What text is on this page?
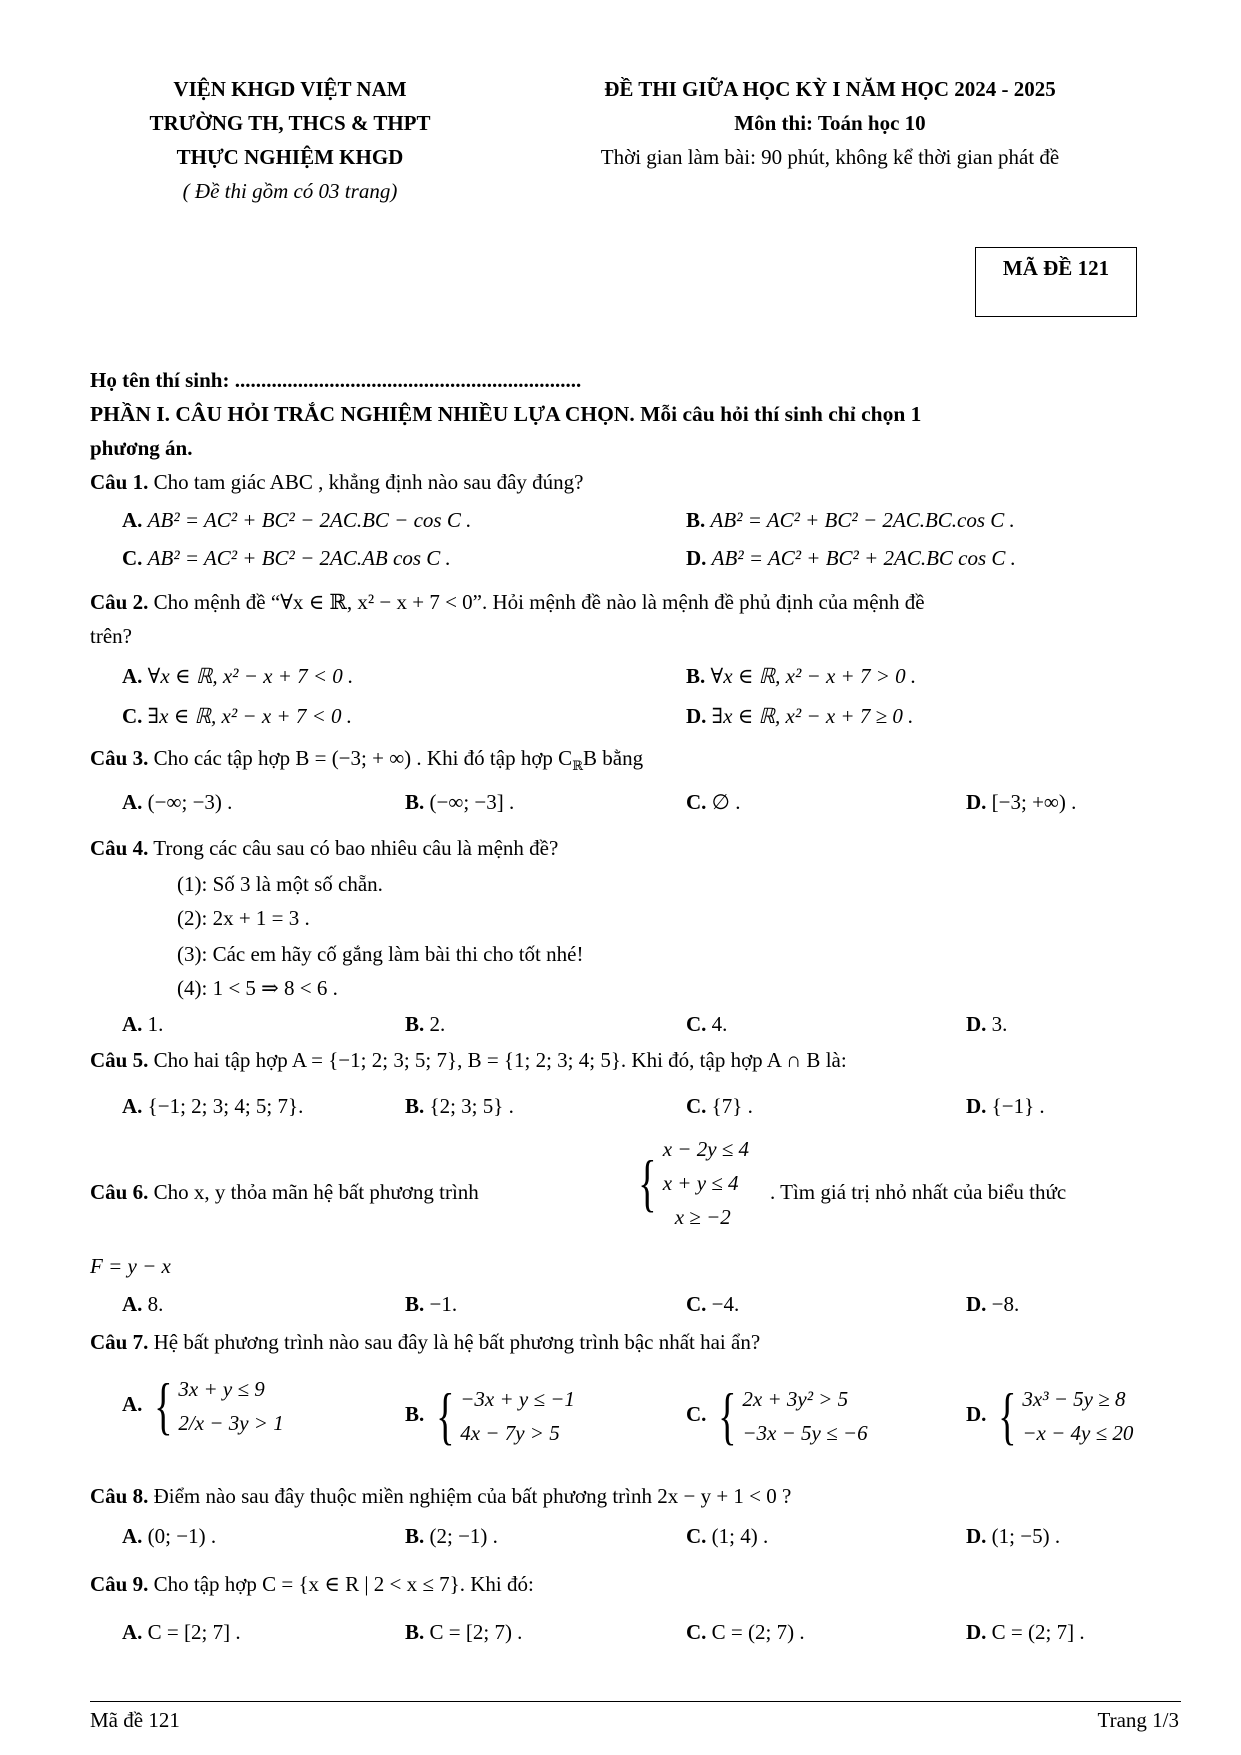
VIỆN KHGD VIỆT NAM
TRƯỜNG TH, THCS & THPT
THỰC NGHIỆM KHGD
( Đề thi gồm có 03 trang)
ĐỀ THI GIỮA HỌC KỲ I NĂM HỌC 2024 - 2025
Môn thi: Toán học 10
Thời gian làm bài: 90 phút, không kể thời gian phát đề
MÃ ĐỀ 121
Họ tên thí sinh: ..................................................................
PHẦN I. CÂU HỎI TRẮC NGHIỆM NHIỀU LỰA CHỌN. Mỗi câu hỏi thí sinh chỉ chọn 1
phương án.
Câu 1. Cho tam giác ABC , khẳng định nào sau đây đúng?
A. AB² = AC² + BC² − 2AC.BC − cos C .	B. AB² = AC² + BC² − 2AC.BC.cos C .
C. AB² = AC² + BC² − 2AC.AB cos C .	D. AB² = AC² + BC² + 2AC.BC cos C .
Câu 2. Cho mệnh đề “∀x ∈ ℝ, x² − x + 7 < 0”. Hỏi mệnh đề nào là mệnh đề phủ định của mệnh đề
trên?
A. ∀x ∈ ℝ, x² − x + 7 < 0 .	B. ∀x ∈ ℝ, x² − x + 7 > 0 .
C. ∃x ∈ ℝ, x² − x + 7 < 0 .	D. ∃x ∈ ℝ, x² − x + 7 ≥ 0 .
Câu 3. Cho các tập hợp B = (−3; + ∞) . Khi đó tập hợp $C_ℝB$ bằng
A. (−∞; −3) .	B. (−∞; −3] .	C. ∅ .	D. [−3; +∞) .
Câu 4. Trong các câu sau có bao nhiêu câu là mệnh đề?
(1): Số 3 là một số chẵn.
(2): 2x + 1 = 3 .
(3): Các em hãy cố gắng làm bài thi cho tốt nhé!
(4): 1 < 5 ⇒ 8 < 6 .
A. 1.	B. 2.	C. 4.	D. 3.
Câu 5. Cho hai tập hợp A = {−1; 2; 3; 5; 7}, B = {1; 2; 3; 4; 5}. Khi đó, tập hợp A ∩ B là:
A. {−1; 2; 3; 4; 5; 7}.	B. {2; 3; 5} .	C. {7} .	D. {−1} .
Câu 6. Cho x, y thỏa mãn hệ bất phương trình { x − 2y ≤ 4
x + y ≤ 4
x ≥ −2
. Tìm giá trị nhỏ nhất của biểu thức
F = y − x
A. 8.	B. −1.	C. −4.	D. −8.
Câu 7. Hệ bất phương trình nào sau đây là hệ bất phương trình bậc nhất hai ẩn?
A. { 3x + y ≤ 9
2/x − 3y > 1	B. { −3x + y ≤ −1
4x − 7y > 5
C. { 2x + 3y² > 5
−3x − 5y ≤ −6
D. { 3x³ − 5y ≥ 8
−x − 4y ≤ 20
Câu 8. Điểm nào sau đây thuộc miền nghiệm của bất phương trình 2x − y + 1 < 0 ?
A. (0; −1) .	B. (2; −1) .	C. (1; 4) .	D. (1; −5) .
Câu 9. Cho tập hợp C = {x ∈ R | 2 < x ≤ 7}. Khi đó:
A. C = [2; 7] .	B. C = [2; 7) .	C. C = (2; 7) .	D. C = (2; 7] .
Mã đề 121	Trang 1/3
